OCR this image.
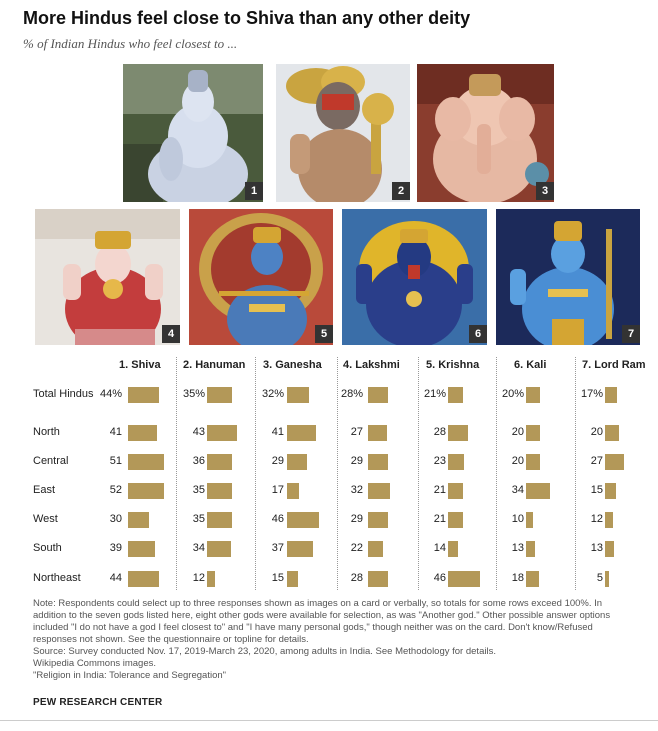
More Hindus feel close to Shiva than any other deity
% of Indian Hindus who feel closest to ...
1	2	3
4	5	6	7
1. Shiva 2. Hanuman 3. Ganesha 4. Lakshmi 5. Krishna	6. Kali	7. Lord Ram
Total Hindus 44%	35%	32%	28%	21%	20%	17%
North	41	43	41	27	28	20	20
Central	51	36	29	29	23	20	27
East	52	35	17	32	21	34	15
West	30	35	46	29	21	10	12
South	39	34	37	22	14	13	13
Northeast	44	12	15	28	46	18	5
Note: Respondents could select up to three responses shown as images on a card or verbally, so totals for some rows exceed 100%. In addition to the seven gods listed here, eight other gods were available for selection, as was "Another god." Other possible answer options included "I do not have a god I feel closest to" and "I have many personal gods," though neither was on the card. Don't know/Refused responses not shown. See the questionnaire or topline for details.
Source: Survey conducted Nov. 17, 2019-March 23, 2020, among adults in India. See Methodology for details.
Wikipedia Commons images.
"Religion in India: Tolerance and Segregation"
PEW RESEARCH CENTER
